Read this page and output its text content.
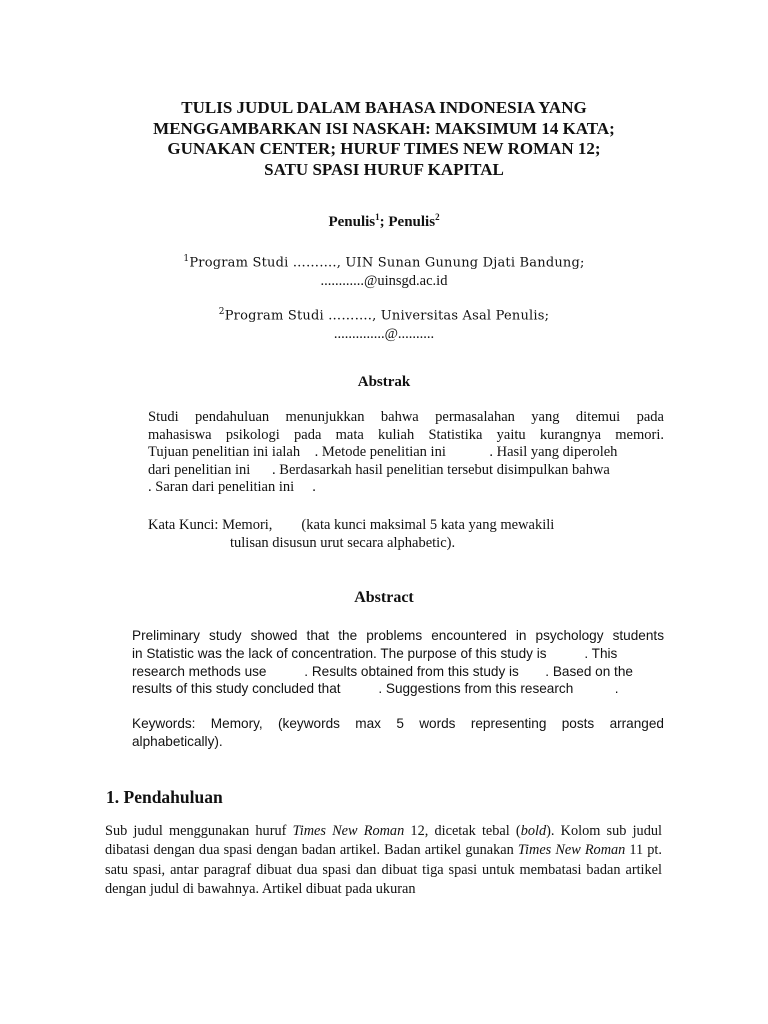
TULIS JUDUL DALAM BAHASA INDONESIA YANG
MENGGAMBARKAN ISI NASKAH: MAKSIMUM 14 KATA;
GUNAKAN CENTER; HURUF TIMES NEW ROMAN 12;
SATU SPASI HURUF KAPITAL
Penulis$^1$; Penulis$^2$
$^1$Program Studi ………., UIN Sunan Gunung Djati Bandung;
............@uinsgd.ac.id
$^2$Program Studi ………., Universitas Asal Penulis;
..............@..........
Abstrak
Studi pendahuluan menunjukkan bahwa permasalahan yang ditemui pada
mahasiswa psikologi pada mata kuliah Statistika yaitu kurangnya memori.
Tujuan penelitian ini ialah    . Metode penelitian ini            . Hasil yang diperoleh
dari penelitian ini      . Berdasarkah hasil penelitian tersebut disimpulkan bahwa
. Saran dari penelitian ini     .
Kata Kunci: Memori,        (kata kunci maksimal 5 kata yang mewakili
tulisan disusun urut secara alphabetic).
Abstract
Preliminary study showed that the problems encountered in psychology students
in Statistic was the lack of concentration. The purpose of this study is          . This
research methods use          . Results obtained from this study is       . Based on the
results of this study concluded that          . Suggestions from this research           .
Keywords: Memory, (keywords max 5 words representing posts arranged
alphabetically).
1. Pendahuluan
Sub judul menggunakan huruf Times New Roman 12, dicetak tebal (bold). Kolom sub judul dibatasi dengan dua spasi dengan badan artikel. Badan artikel gunakan Times New Roman 11 pt. satu spasi, antar paragraf dibuat dua spasi dan dibuat tiga spasi untuk membatasi badan artikel dengan judul di bawahnya. Artikel dibuat pada ukuran
